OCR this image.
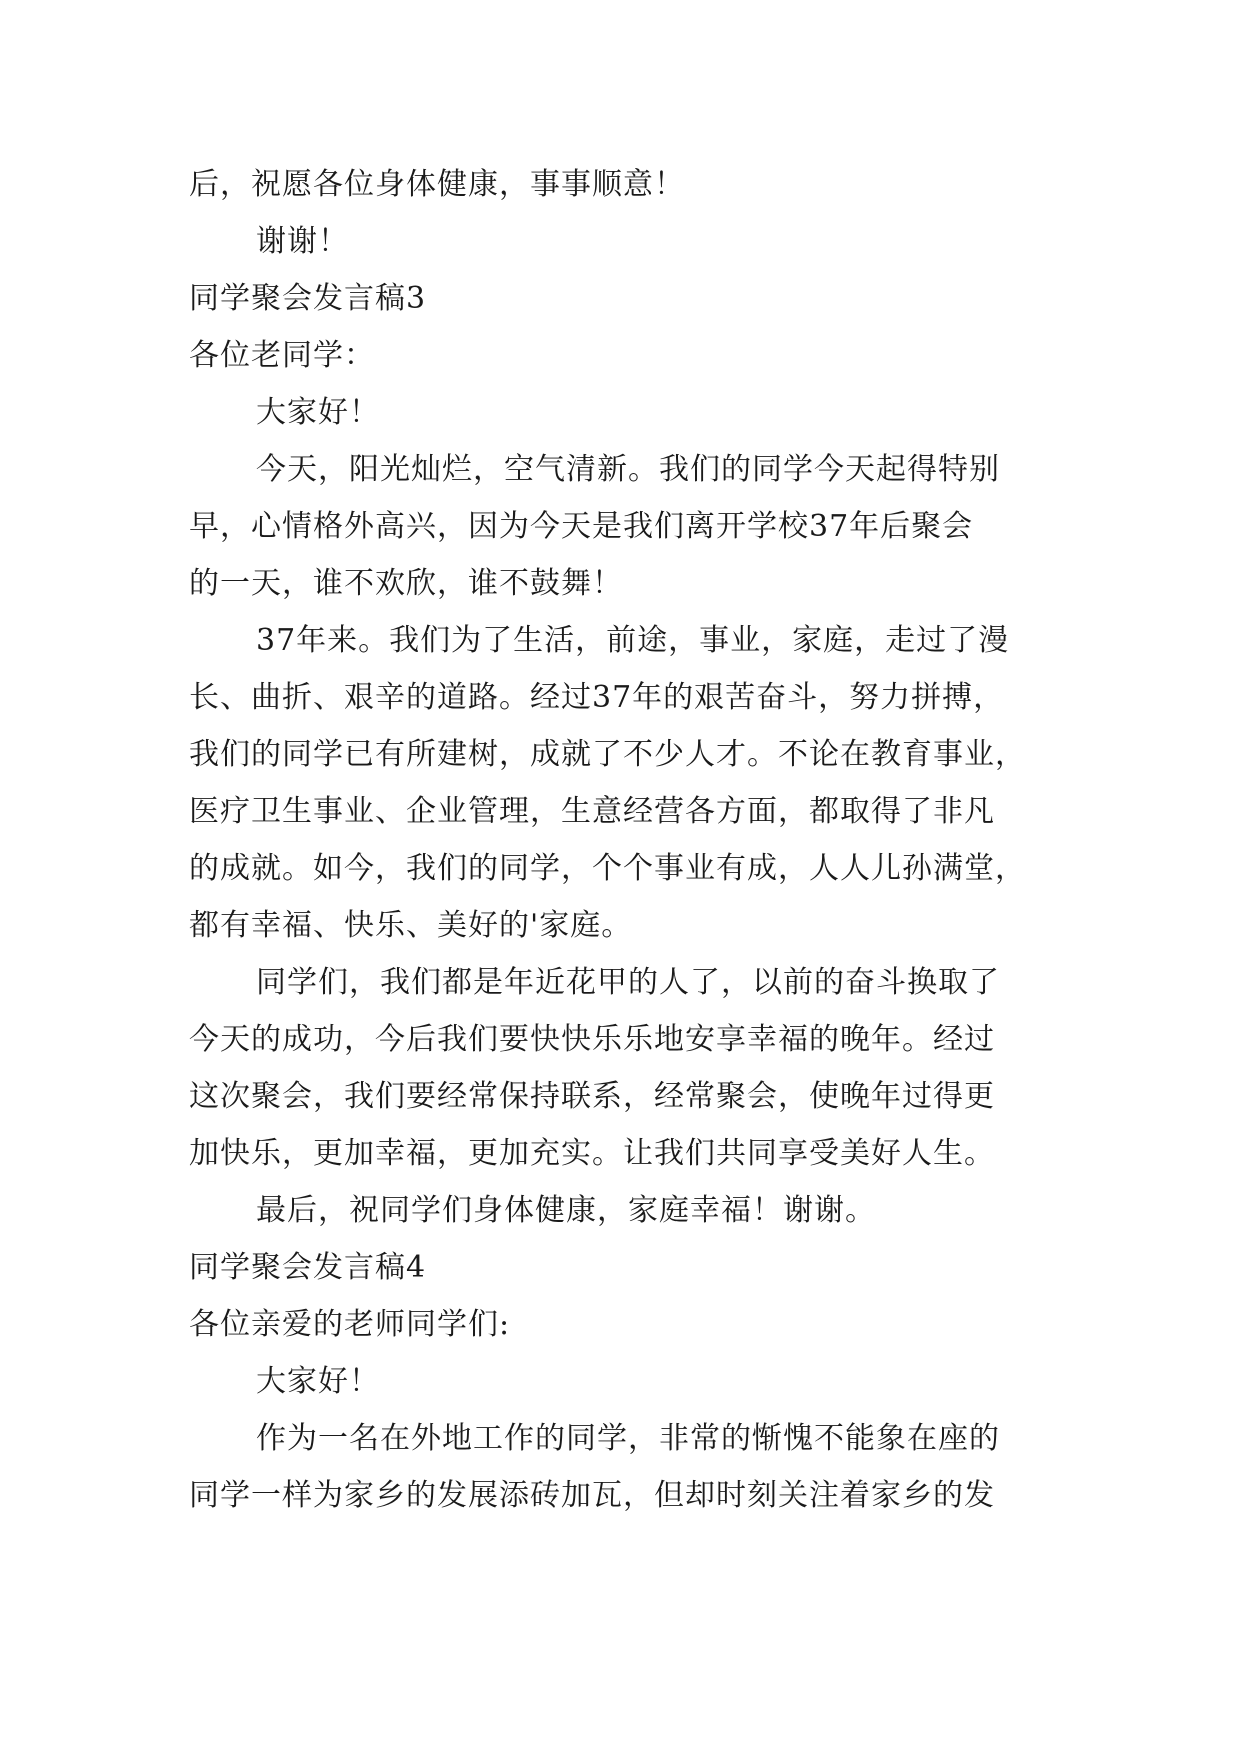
后，祝愿各位身体健康，事事顺意！
谢谢！
同学聚会发言稿3
各位老同学：
大家好！
今天，阳光灿烂，空气清新。我们的同学今天起得特别
早，心情格外高兴，因为今天是我们离开学校37年后聚会
的一天，谁不欢欣，谁不鼓舞！
37年来。我们为了生活，前途，事业，家庭，走过了漫
长、曲折、艰辛的道路。经过37年的艰苦奋斗，努力拼搏，
我们的同学已有所建树，成就了不少人才。不论在教育事业，
医疗卫生事业、企业管理，生意经营各方面，都取得了非凡
的成就。如今，我们的同学，个个事业有成，人人儿孙满堂，
都有幸福、快乐、美好的'家庭。
同学们，我们都是年近花甲的人了，以前的奋斗换取了
今天的成功，今后我们要快快乐乐地安享幸福的晚年。经过
这次聚会，我们要经常保持联系，经常聚会，使晚年过得更
加快乐，更加幸福，更加充实。让我们共同享受美好人生。
最后，祝同学们身体健康，家庭幸福！谢谢。
同学聚会发言稿4
各位亲爱的老师同学们:
大家好！
作为一名在外地工作的同学，非常的惭愧不能象在座的
同学一样为家乡的发展添砖加瓦，但却时刻关注着家乡的发
